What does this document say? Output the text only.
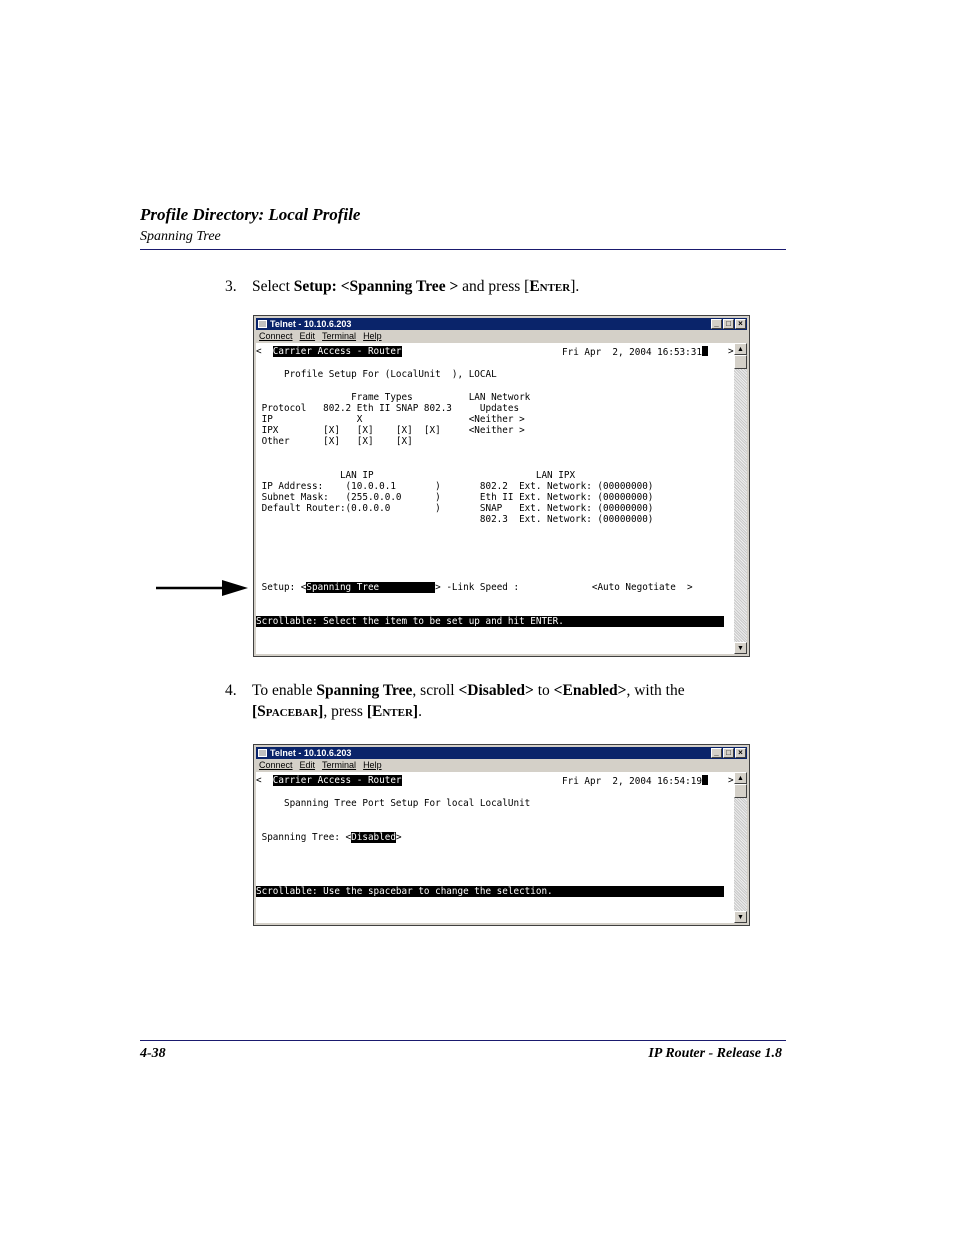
Profile Directory: Local Profile
Spanning Tree
3. Select Setup: <Spanning Tree > and press [Enter].
Telnet - 10.10.6.203	_ □ ×
Connect Edit Terminal Help
<  Carrier Access - Router	Fri Apr  2, 2004 16:53:31	>
Profile Setup For (LocalUnit  ), LOCAL
Frame Types          LAN Network
Protocol   802.2 Eth II SNAP 802.3     Updates
IP               X                   <Neither >
IPX        [X]   [X]    [X]  [X]     <Neither >
Other      [X]   [X]    [X]
LAN IP                             LAN IPX
IP Address:    (10.0.0.1       )       802.2  Ext. Network: (00000000)
Subnet Mask:   (255.0.0.0      )       Eth II Ext. Network: (00000000)
Default Router:(0.0.0.0        )       SNAP   Ext. Network: (00000000)
802.3  Ext. Network: (00000000)
Setup: <Spanning Tree          > -Link Speed :             <Auto Negotiate  >
Scrollable: Select the item to be set up and hit ENTER.
▲
▼
4. To enable Spanning Tree, scroll <Disabled> to <Enabled>, with the
[Spacebar], press [Enter].
Telnet - 10.10.6.203	_ □ ×
Connect Edit Terminal Help
<  Carrier Access - Router	Fri Apr  2, 2004 16:54:19	>
Spanning Tree Port Setup For local LocalUnit
Spanning Tree: <Disabled>
Scrollable: Use the spacebar to change the selection.
▲
▼
4-38	IP Router - Release 1.8
